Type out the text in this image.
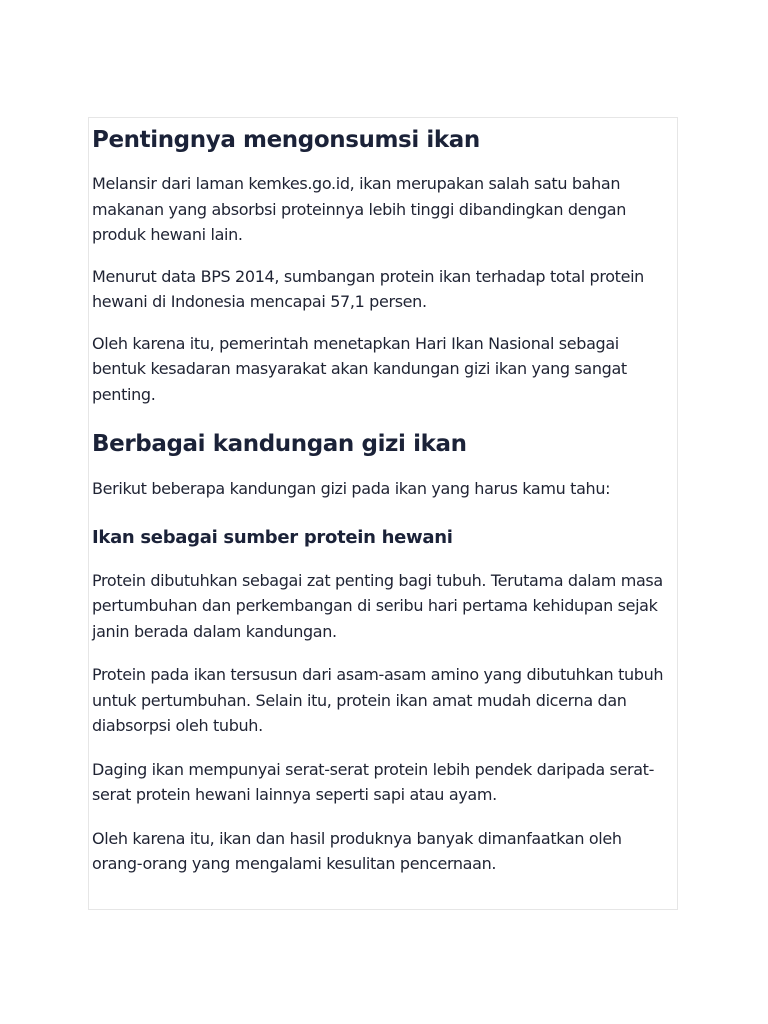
Pentingnya mengonsumsi ikan

Melansir dari laman kemkes.go.id, ikan merupakan salah satu bahan makanan yang absorbsi proteinnya lebih tinggi dibandingkan dengan produk hewani lain.

Menurut data BPS 2014, sumbangan protein ikan terhadap total protein hewani di Indonesia mencapai 57,1 persen.

Oleh karena itu, pemerintah menetapkan Hari Ikan Nasional sebagai bentuk kesadaran masyarakat akan kandungan gizi ikan yang sangat penting.

Berbagai kandungan gizi ikan

Berikut beberapa kandungan gizi pada ikan yang harus kamu tahu:

Ikan sebagai sumber protein hewani

Protein dibutuhkan sebagai zat penting bagi tubuh. Terutama dalam masa pertumbuhan dan perkembangan di seribu hari pertama kehidupan sejak janin berada dalam kandungan.

Protein pada ikan tersusun dari asam-asam amino yang dibutuhkan tubuh untuk pertumbuhan. Selain itu, protein ikan amat mudah dicerna dan diabsorpsi oleh tubuh.

Daging ikan mempunyai serat-serat protein lebih pendek daripada serat-serat protein hewani lainnya seperti sapi atau ayam.

Oleh karena itu, ikan dan hasil produknya banyak dimanfaatkan oleh orang-orang yang mengalami kesulitan pencernaan.
